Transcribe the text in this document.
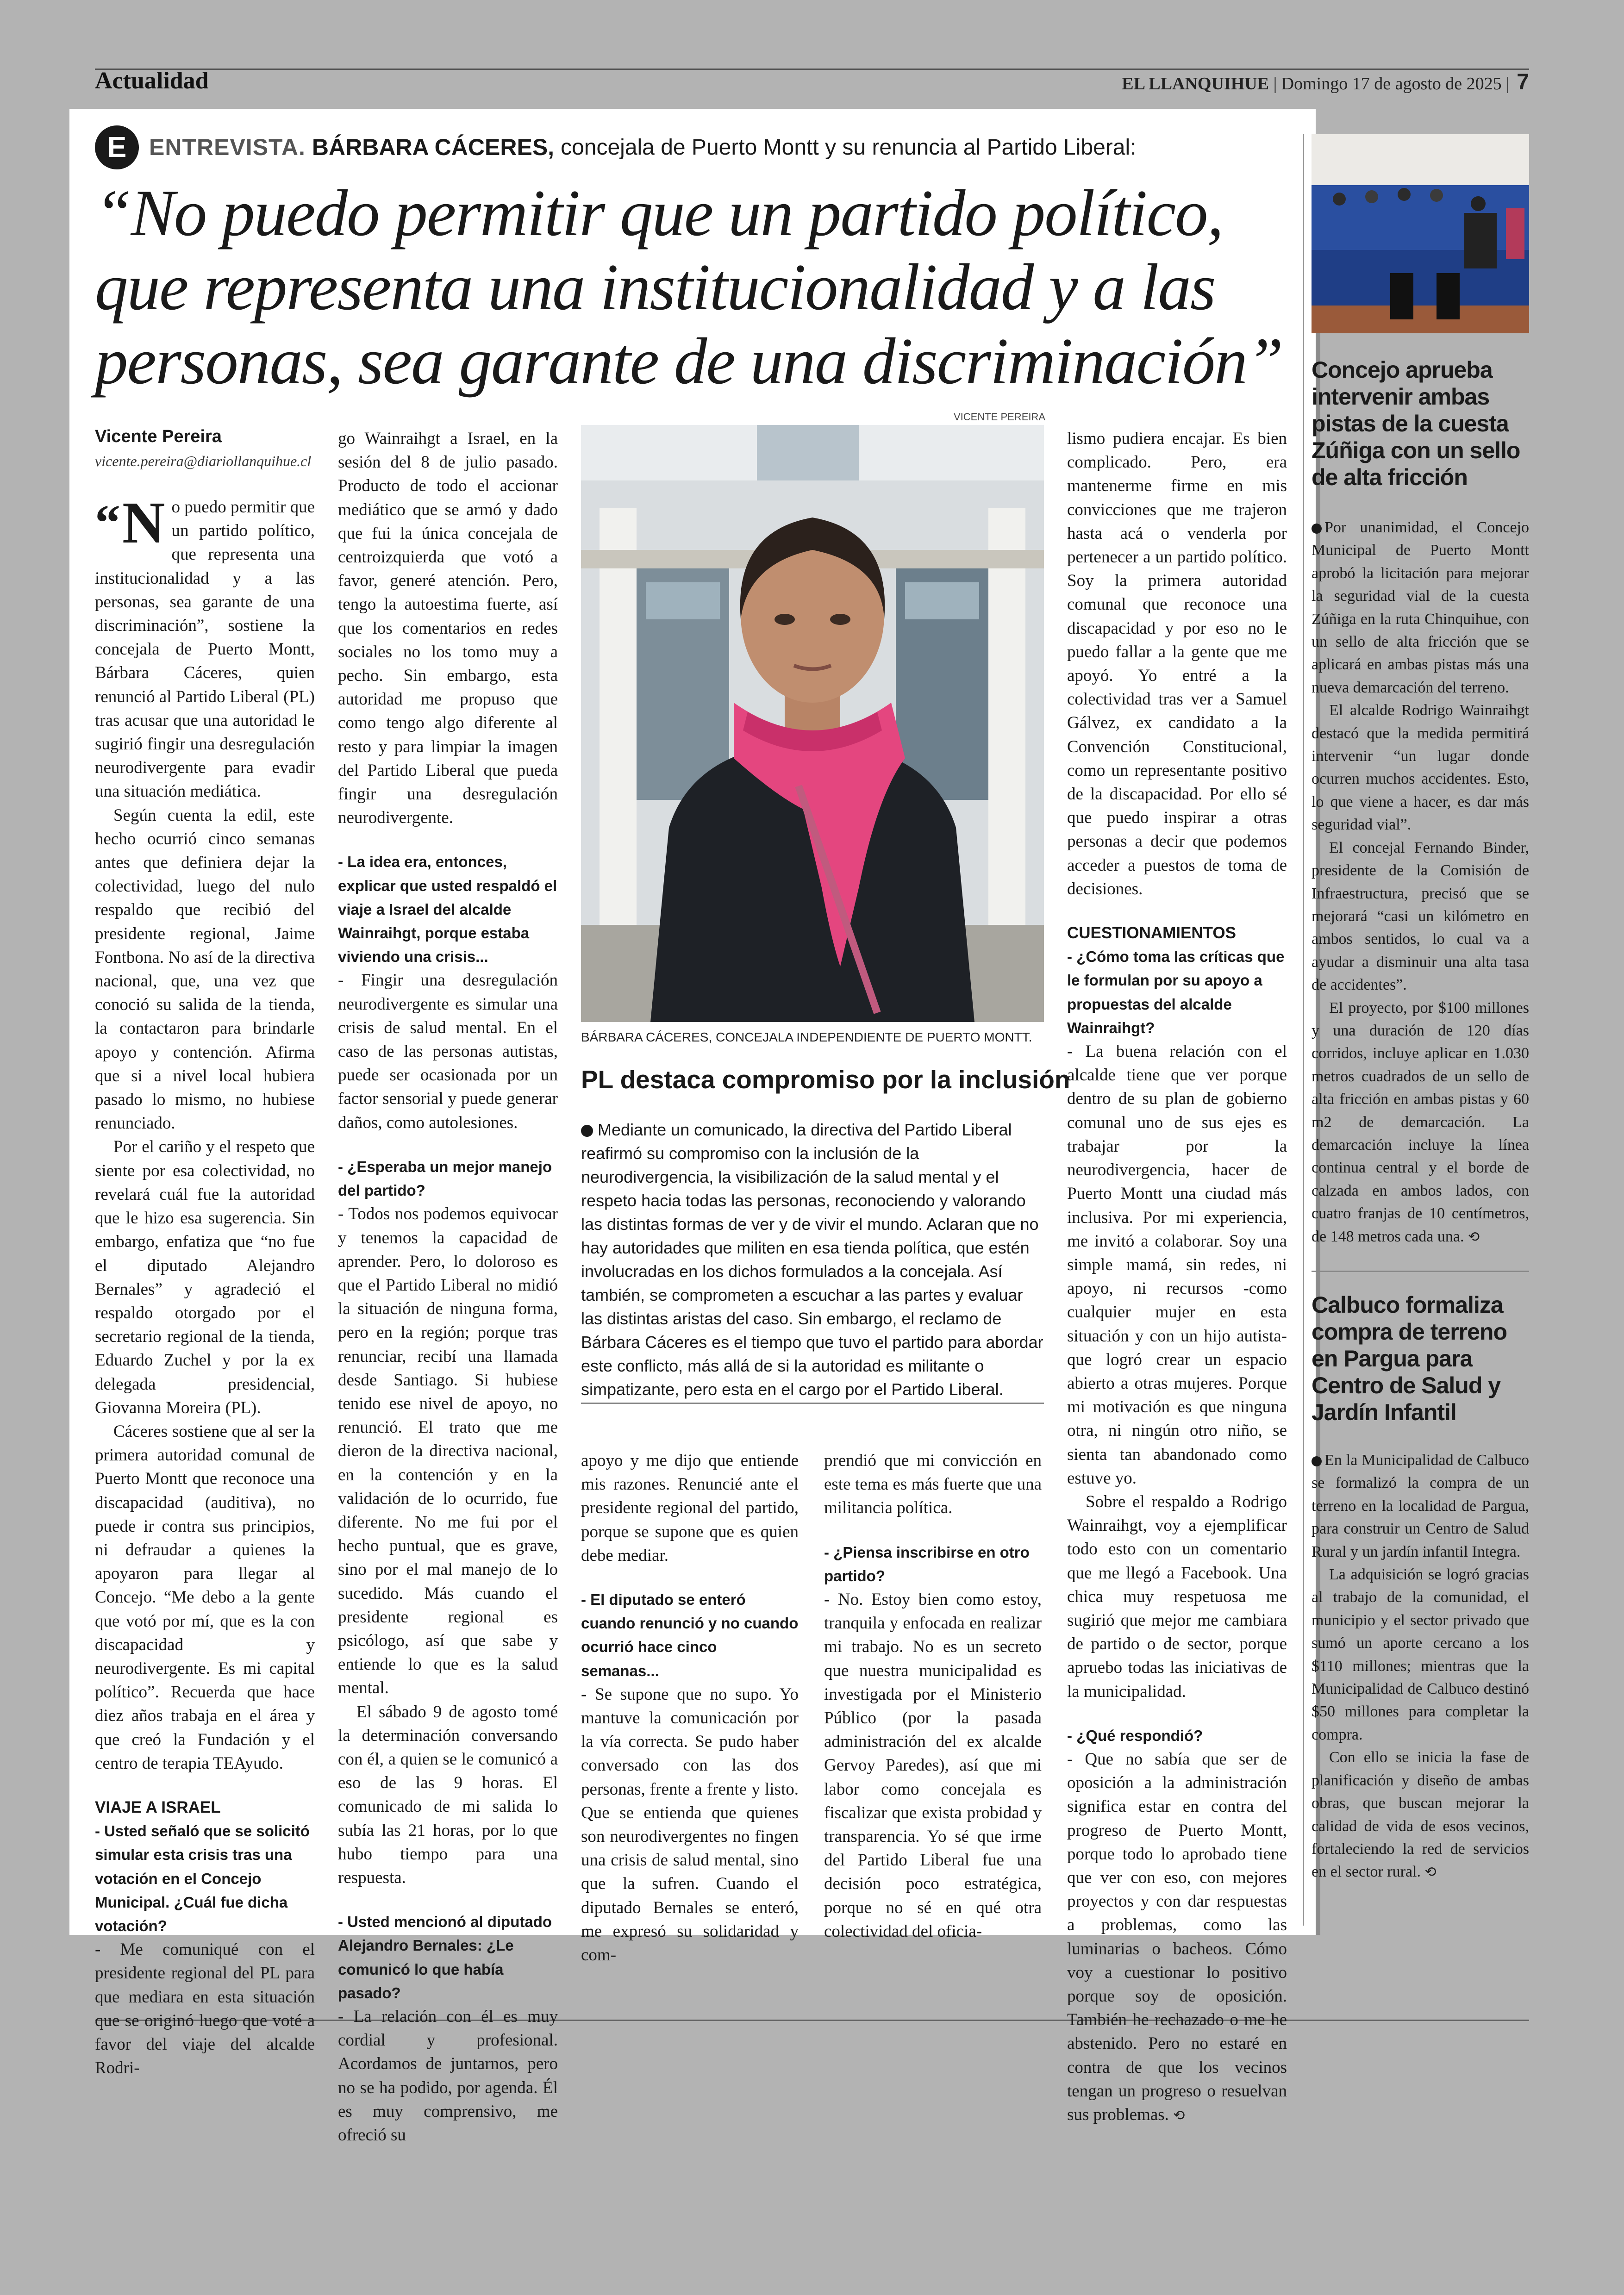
Actualidad	EL LLANQUIHUE | Domingo 17 de agosto de 2025 | 7
E ENTREVISTA. BÁRBARA CÁCERES, concejala de Puerto Montt y su renuncia al Partido Liberal:
“No puedo permitir que un partido político, que representa una institucionalidad y a las personas, sea garante de una discriminación”
Vicente Pereira
vicente.pereira@diariollanquihue.cl

“N o puedo permitir que un partido político, que representa una institucionalidad y a las personas, sea garante de una discriminación”, sostiene la concejala de Puerto Montt, Bárbara Cáceres, quien renunció al Partido Liberal (PL) tras acusar que una autoridad le sugirió fingir una desregulación neurodivergente para evadir una situación mediática.

Según cuenta la edil, este hecho ocurrió cinco semanas antes que definiera dejar la colectividad, luego del nulo respaldo que recibió del presidente regional, Jaime Fontbona. No así de la directiva nacional, que, una vez que conoció su salida de la tienda, la contactaron para brindarle apoyo y contención. Afirma que si a nivel local hubiera pasado lo mismo, no hubiese renunciado.

Por el cariño y el respeto que siente por esa colectividad, no revelará cuál fue la autoridad que le hizo esa sugerencia. Sin embargo, enfatiza que “no fue el diputado Alejandro Bernales” y agradeció el respaldo otorgado por el secretario regional de la tienda, Eduardo Zuchel y por la ex delegada presidencial, Giovanna Moreira (PL).

Cáceres sostiene que al ser la primera autoridad comunal de Puerto Montt que reconoce una discapacidad (auditiva), no puede ir contra sus principios, ni defraudar a quienes la apoyaron para llegar al Concejo. “Me debo a la gente que votó por mí, que es la con discapacidad y neurodivergente. Es mi capital político”. Recuerda que hace diez años trabaja en el área y que creó la Fundación y el centro de terapia TEAyudo.

VIAJE A ISRAEL

- Usted señaló que se solicitó simular esta crisis tras una votación en el Concejo Municipal. ¿Cuál fue dicha votación?

- Me comuniqué con el presidente regional del PL para que mediara en esta situación que se originó luego que voté a favor del viaje del alcalde Rodri-

go Wainraihgt a Israel, en la sesión del 8 de julio pasado. Producto de todo el accionar mediático que se armó y dado que fui la única concejala de centroizquierda que votó a favor, generé atención. Pero, tengo la autoestima fuerte, así que los comentarios en redes sociales no los tomo muy a pecho. Sin embargo, esta autoridad me propuso que como tengo algo diferente al resto y para limpiar la imagen del Partido Liberal que pueda fingir una desregulación neurodivergente.

- La idea era, entonces, explicar que usted respaldó el viaje a Israel del alcalde Wainraihgt, porque estaba viviendo una crisis...

- Fingir una desregulación neurodivergente es simular una crisis de salud mental. En el caso de las personas autistas, puede ser ocasionada por un factor sensorial y puede generar daños, como autolesiones.

- ¿Esperaba un mejor manejo del partido?

- Todos nos podemos equivocar y tenemos la capacidad de aprender. Pero, lo doloroso es que el Partido Liberal no midió la situación de ninguna forma, pero en la región; porque tras renunciar, recibí una llamada desde Santiago. Si hubiese tenido ese nivel de apoyo, no renunció. El trato que me dieron de la directiva nacional, en la contención y en la validación de lo ocurrido, fue diferente. No me fui por el hecho puntual, que es grave, sino por el mal manejo de lo sucedido. Más cuando el presidente regional es psicólogo, así que sabe y entiende lo que es la salud mental.

El sábado 9 de agosto tomé la determinación conversando con él, a quien se le comunicó a eso de las 9 horas. El comunicado de mi salida lo subía las 21 horas, por lo que hubo tiempo para una respuesta.

- Usted mencionó al diputado Alejandro Bernales: ¿Le comunicó lo que había pasado?

- La relación con él es muy cordial y profesional. Acordamos de juntarnos, pero no se ha podido, por agenda. Él es muy comprensivo, me ofreció su

VICENTE PEREIRA
BÁRBARA CÁCERES, CONCEJALA INDEPENDIENTE DE PUERTO MONTT.
PL destaca compromiso por la inclusión
Mediante un comunicado, la directiva del Partido Liberal reafirmó su compromiso con la inclusión de la neurodivergencia, la visibilización de la salud mental y el respeto hacia todas las personas, reconociendo y valorando las distintas formas de ver y de vivir el mundo. Aclaran que no hay autoridades que militen en esa tienda política, que estén involucradas en los dichos formulados a la concejala. Así también, se comprometen a escuchar a las partes y evaluar las distintas aristas del caso. Sin embargo, el reclamo de Bárbara Cáceres es el tiempo que tuvo el partido para abordar este conflicto, más allá de si la autoridad es militante o simpatizante, pero esta en el cargo por el Partido Liberal.

apoyo y me dijo que entiende mis razones. Renuncié ante el presidente regional del partido, porque se supone que es quien debe mediar.

- El diputado se enteró cuando renunció y no cuando ocurrió hace cinco semanas...

- Se supone que no supo. Yo mantuve la comunicación por la vía correcta. Se pudo haber conversado con las dos personas, frente a frente y listo. Que se entienda que quienes son neurodivergentes no fingen una crisis de salud mental, sino que la sufren. Cuando el diputado Bernales se enteró, me expresó su solidaridad y com-

prendió que mi convicción en este tema es más fuerte que una militancia política.

- ¿Piensa inscribirse en otro partido?

- No. Estoy bien como estoy, tranquila y enfocada en realizar mi trabajo. No es un secreto que nuestra municipalidad es investigada por el Ministerio Público (por la pasada administración del ex alcalde Gervoy Paredes), así que mi labor como concejala es fiscalizar que exista probidad y transparencia. Yo sé que irme del Partido Liberal fue una decisión poco estratégica, porque no sé en qué otra colectividad del oficia-

lismo pudiera encajar. Es bien complicado. Pero, era mantenerme firme en mis convicciones que me trajeron hasta acá o venderla por pertenecer a un partido político. Soy la primera autoridad comunal que reconoce una discapacidad y por eso no le puedo fallar a la gente que me apoyó. Yo entré a la colectividad tras ver a Samuel Gálvez, ex candidato a la Convención Constitucional, como un representante positivo de la discapacidad. Por ello sé que puedo inspirar a otras personas a decir que podemos acceder a puestos de toma de decisiones.

CUESTIONAMIENTOS

- ¿Cómo toma las críticas que le formulan por su apoyo a propuestas del alcalde Wainraihgt?

- La buena relación con el alcalde tiene que ver porque dentro de su plan de gobierno comunal uno de sus ejes es trabajar por la neurodivergencia, hacer de Puerto Montt una ciudad más inclusiva. Por mi experiencia, me invitó a colaborar. Soy una simple mamá, sin redes, ni apoyo, ni recursos -como cualquier mujer en esta situación y con un hijo autista- que logró crear un espacio abierto a otras mujeres. Porque mi motivación es que ninguna otra, ni ningún otro niño, se sienta tan abandonado como estuve yo.

Sobre el respaldo a Rodrigo Wainraihgt, voy a ejemplificar todo esto con un comentario que me llegó a Facebook. Una chica muy respetuosa me sugirió que mejor me cambiara de partido o de sector, porque apruebo todas las iniciativas de la municipalidad.

- ¿Qué respondió?

- Que no sabía que ser de oposición a la administración significa estar en contra del progreso de Puerto Montt, porque todo lo aprobado tiene que ver con eso, con mejores proyectos y con dar respuestas a problemas, como las luminarias o bacheos. Cómo voy a cuestionar lo positivo porque soy de oposición. También he rechazado o me he abstenido. Pero no estaré en contra de que los vecinos tengan un progreso o resuelvan sus problemas. ⟲

Concejo aprueba intervenir ambas pistas de la cuesta Zúñiga con un sello de alta fricción

Por unanimidad, el Concejo Municipal de Puerto Montt aprobó la licitación para mejorar la seguridad vial de la cuesta Zúñiga en la ruta Chinquihue, con un sello de alta fricción que se aplicará en ambas pistas más una nueva demarcación del terreno.

El alcalde Rodrigo Wainraihgt destacó que la medida permitirá intervenir “un lugar donde ocurren muchos accidentes. Esto, lo que viene a hacer, es dar más seguridad vial”.

El concejal Fernando Binder, presidente de la Comisión de Infraestructura, precisó que se mejorará “casi un kilómetro en ambos sentidos, lo cual va a ayudar a disminuir una alta tasa de accidentes”.

El proyecto, por $100 millones y una duración de 120 días corridos, incluye aplicar en 1.030 metros cuadrados de un sello de alta fricción en ambas pistas y 60 m2 de demarcación. La demarcación incluye la línea continua central y el borde de calzada en ambos lados, con cuatro franjas de 10 centímetros, de 148 metros cada una. ⟲

Calbuco formaliza compra de terreno en Pargua para Centro de Salud y Jardín Infantil

En la Municipalidad de Calbuco se formalizó la compra de un terreno en la localidad de Pargua, para construir un Centro de Salud Rural y un jardín infantil Integra.

La adquisición se logró gracias al trabajo de la comunidad, el municipio y el sector privado que sumó un aporte cercano a los $110 millones; mientras que la Municipalidad de Calbuco destinó $50 millones para completar la compra.

Con ello se inicia la fase de planificación y diseño de ambas obras, que buscan mejorar la calidad de vida de esos vecinos, fortaleciendo la red de servicios en el sector rural. ⟲
